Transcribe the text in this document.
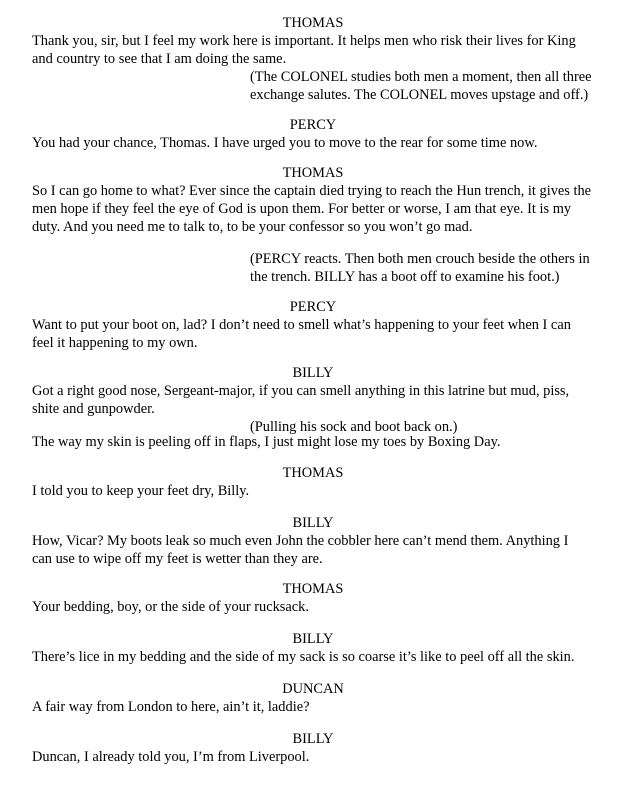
THOMAS
Thank you, sir, but I feel my work here is important. It helps men who risk their lives for King
and country to see that I am doing the same.
(The COLONEL studies both men a moment, then all three
exchange salutes. The COLONEL moves upstage and off.)
PERCY
You had your chance, Thomas. I have urged you to move to the rear for some time now.
THOMAS
So I can go home to what? Ever since the captain died trying to reach the Hun trench, it gives the
men hope if they feel the eye of God is upon them. For better or worse, I am that eye. It is my
duty. And you need me to talk to, to be your confessor so you won’t go mad.
(PERCY reacts. Then both men crouch beside the others in
the trench. BILLY has a boot off to examine his foot.)
PERCY
Want to put your boot on, lad? I don’t need to smell what’s happening to your feet when I can
feel it happening to my own.
BILLY
Got a right good nose, Sergeant-major, if you can smell anything in this latrine but mud, piss,
shite and gunpowder.
(Pulling his sock and boot back on.)
The way my skin is peeling off in flaps, I just might lose my toes by Boxing Day.
THOMAS
I told you to keep your feet dry, Billy.
BILLY
How, Vicar? My boots leak so much even John the cobbler here can’t mend them. Anything I
can use to wipe off my feet is wetter than they are.
THOMAS
Your bedding, boy, or the side of your rucksack.
BILLY
There’s lice in my bedding and the side of my sack is so coarse it’s like to peel off all the skin.
DUNCAN
A fair way from London to here, ain’t it, laddie?
BILLY
Duncan, I already told you, I’m from Liverpool.
